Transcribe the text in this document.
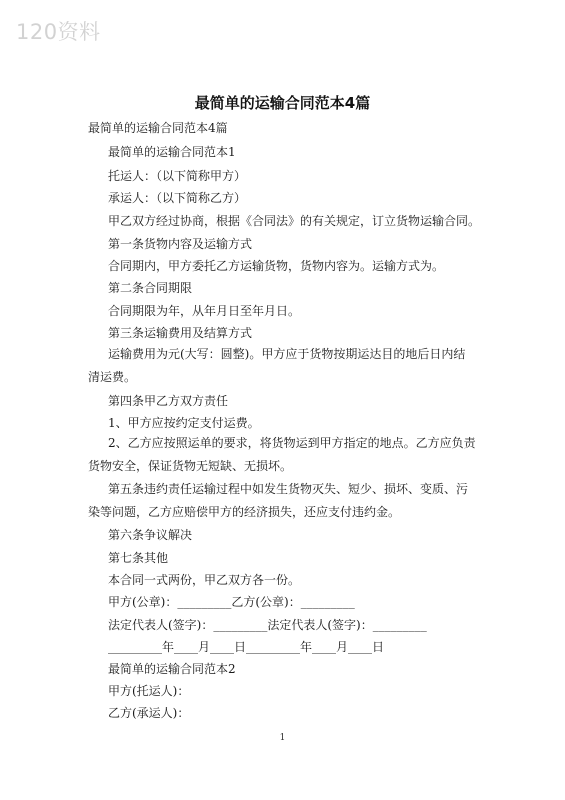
120资料
最简单的运输合同范本4篇
最简单的运输合同范本4篇
最简单的运输合同范本1
托运人：（以下简称甲方）
承运人：（以下简称乙方）
甲乙双方经过协商，根据《合同法》的有关规定，订立货物运输合同。
第一条货物内容及运输方式
合同期内，甲方委托乙方运输货物，货物内容为。运输方式为。
第二条合同期限
合同期限为年，从年月日至年月日。
第三条运输费用及结算方式
运输费用为元(大写：圆整)。甲方应于货物按期运达目的地后日内结清运费。
第四条甲乙方双方责任
1、甲方应按约定支付运费。
2、乙方应按照运单的要求，将货物运到甲方指定的地点。乙方应负责货物安全，保证货物无短缺、无损坏。
第五条违约责任运输过程中如发生货物灭失、短少、损坏、变质、污染等问题，乙方应赔偿甲方的经济损失，还应支付违约金。
第六条争议解决
第七条其他
本合同一式两份，甲乙双方各一份。
甲方(公章)：_________乙方(公章)：_________
法定代表人(签字)：_________法定代表人(签字)：_________
_________年____月____日_________年____月____日
最简单的运输合同范本2
甲方(托运人)：
乙方(承运人)：
1
